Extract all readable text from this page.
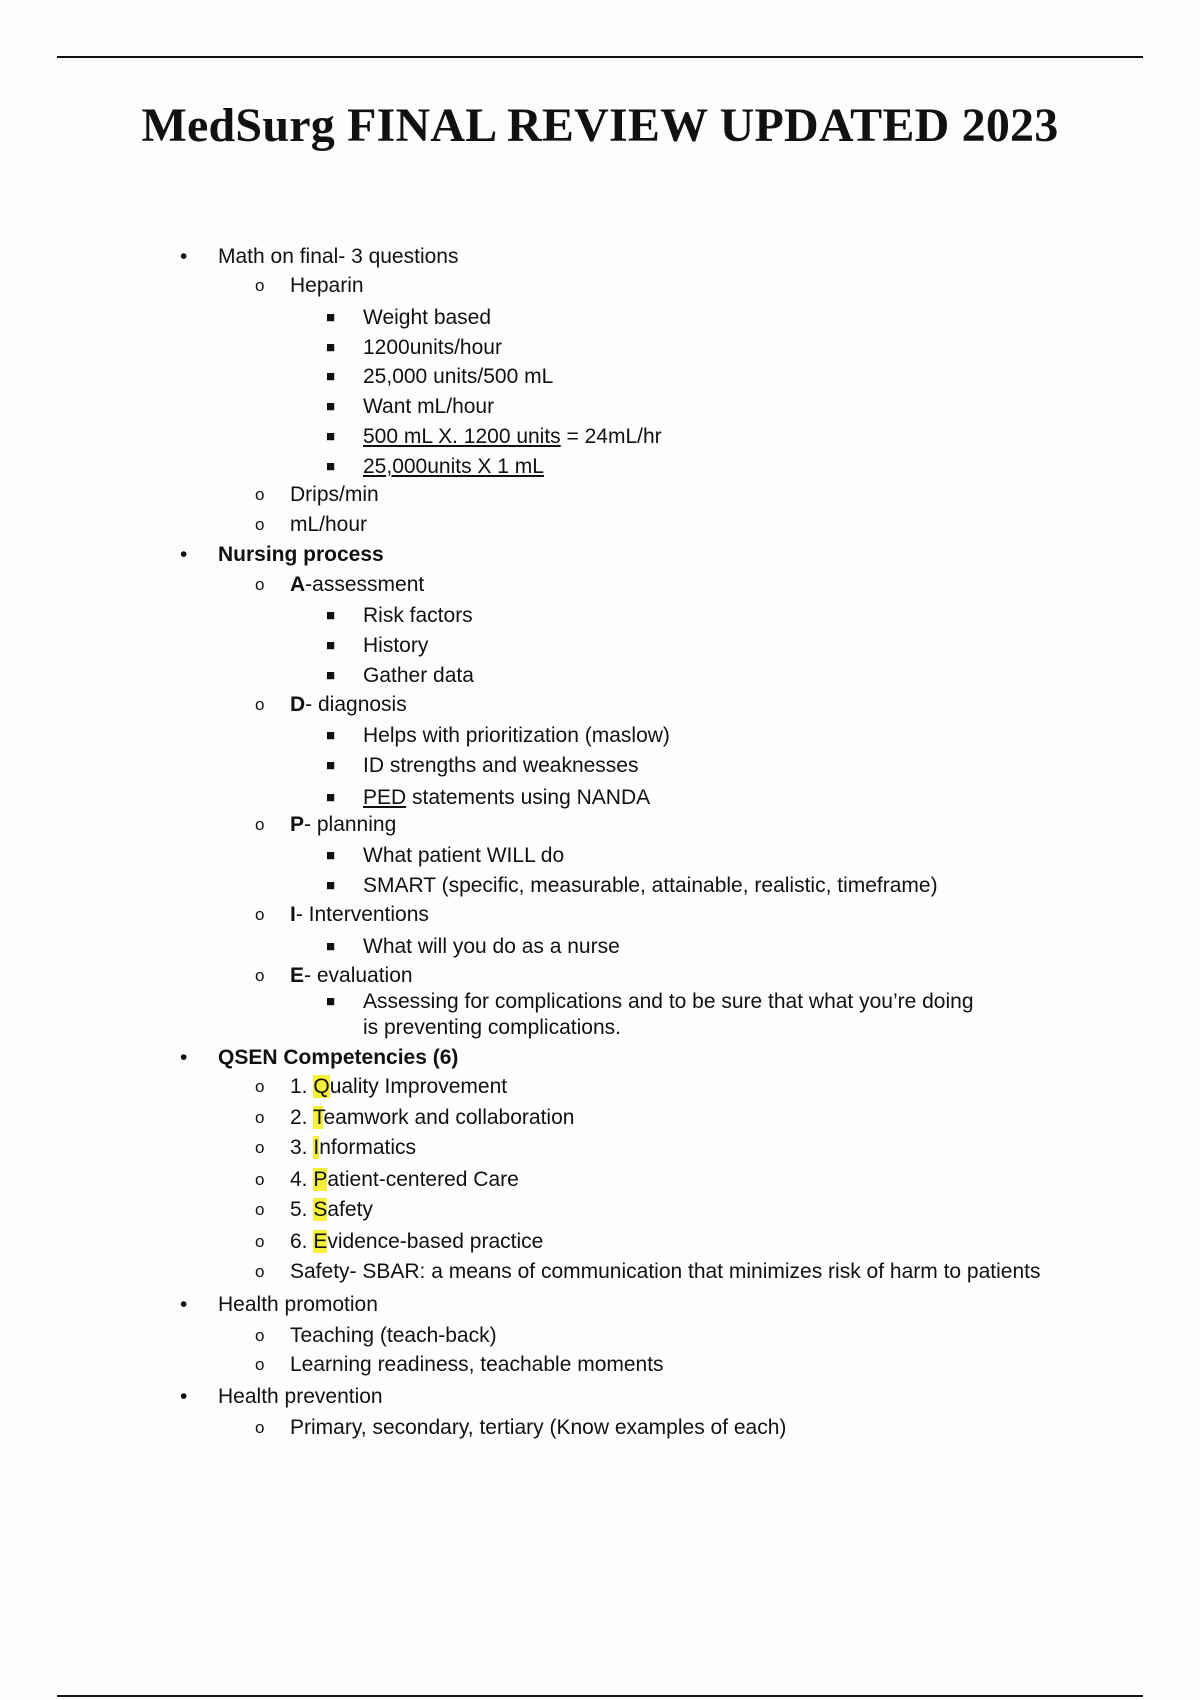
MedSurg FINAL REVIEW UPDATED 2023
• Math on final- 3 questions
o Heparin
■ Weight based
■ 1200units/hour
■ 25,000 units/500 mL
■ Want mL/hour
■ 500 mL X. 1200 units = 24mL/hr
■ 25,000units X 1 mL
o Drips/min
o mL/hour
• Nursing process
o A-assessment
■ Risk factors
■ History
■ Gather data
o D- diagnosis
■ Helps with prioritization (maslow)
■ ID strengths and weaknesses
■ PED statements using NANDA
o P- planning
■ What patient WILL do
■ SMART (specific, measurable, attainable, realistic, timeframe)
o I- Interventions
■ What will you do as a nurse
o E- evaluation
■ Assessing for complications and to be sure that what you’re doing
is preventing complications.
• QSEN Competencies (6)
o 1. Quality Improvement
o 2. Teamwork and collaboration
o 3. Informatics
o 4. Patient-centered Care
o 5. Safety
o 6. Evidence-based practice
o Safety- SBAR: a means of communication that minimizes risk of harm to patients
• Health promotion
o Teaching (teach-back)
o Learning readiness, teachable moments
• Health prevention
o Primary, secondary, tertiary (Know examples of each)
